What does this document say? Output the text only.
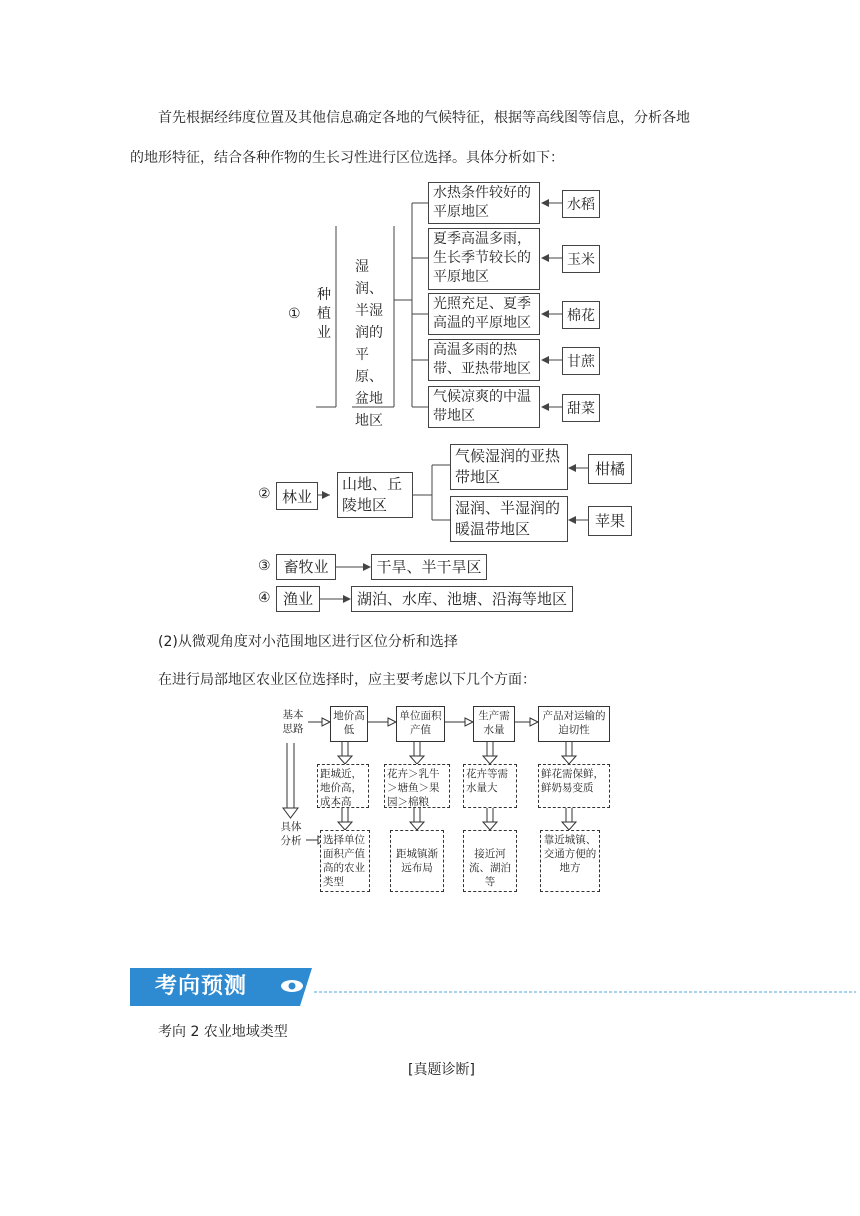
首先根据经纬度位置及其他信息确定各地的气候特征，根据等高线图等信息，分析各地
的地形特征，结合各种作物的生长习性进行区位选择。具体分析如下：
①
种植业
湿润、半湿润的平原、盆地地区
水热条件较好的平原地区
夏季高温多雨，生长季节较长的平原地区
光照充足、夏季高温的平原地区
高温多雨的热带、亚热带地区
气候凉爽的中温带地区
水稻
玉米
棉花
甘蔗
甜菜
② 林业
山地、丘陵地区
气候湿润的亚热带地区
湿润、半湿润的暖温带地区
柑橘
苹果
③ 畜牧业	干旱、半干旱区
④ 渔业	湖泊、水库、池塘、沿海等地区
(2)从微观角度对小范围地区进行区位分析和选择
在进行局部地区农业区位选择时，应主要考虑以下几个方面：
基本思路
具体分析
地价高低
单位面积产值
生产需水量
产品对运输的迫切性
距城近，地价高，成本高
花卉＞乳牛＞塘鱼＞果园＞棉粮
花卉等需水量大
鲜花需保鲜，鲜奶易变质
选择单位面积产值高的农业类型
距城镇渐远布局
接近河流、湖泊等
靠近城镇、交通方便的地方
考向预测
考向 2 农业地域类型
[真题诊断]
